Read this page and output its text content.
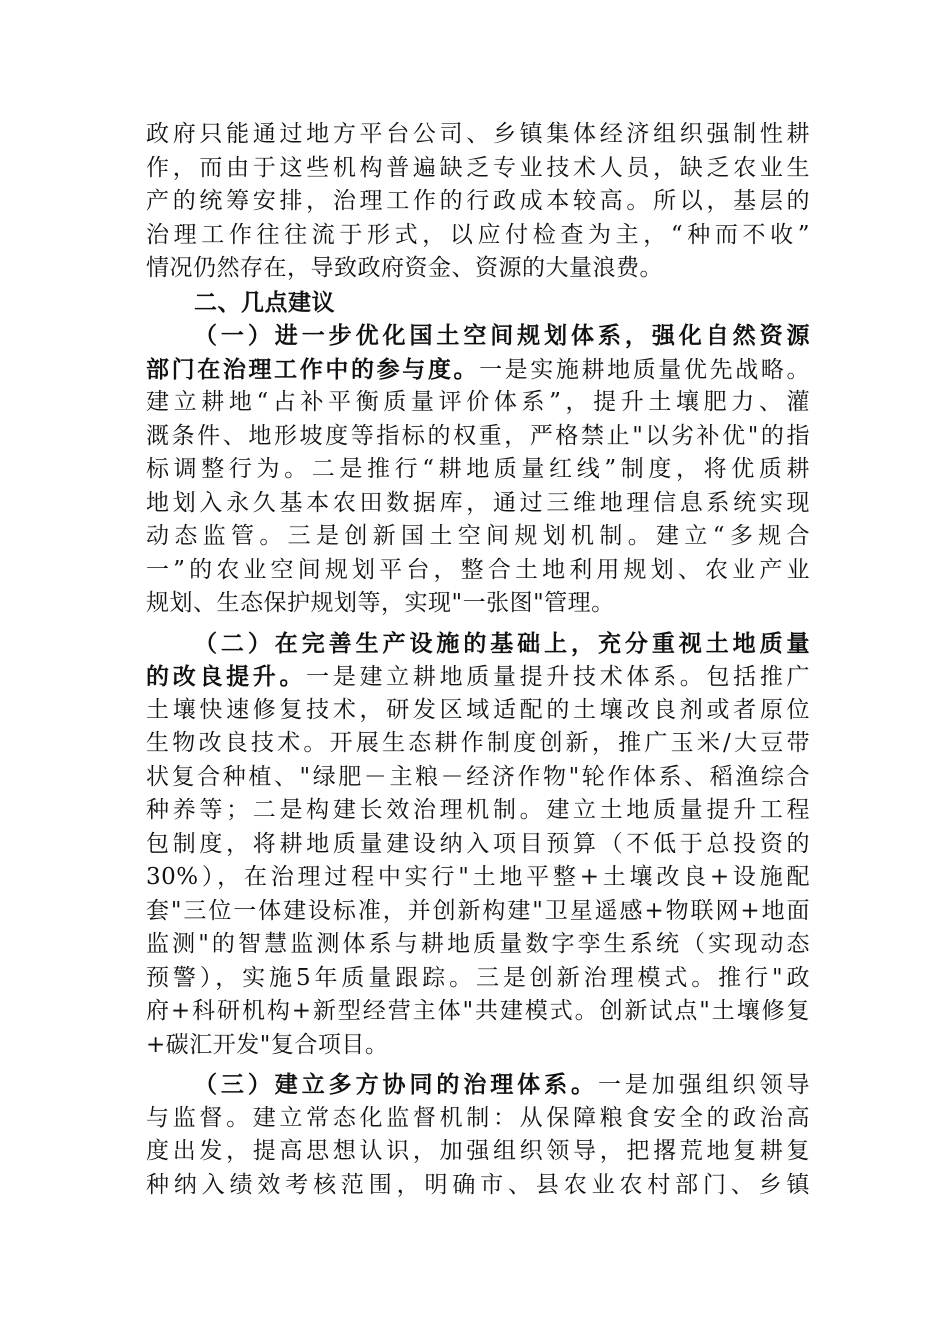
政府只能通过地方平台公司、乡镇集体经济组织强制性耕
作，而由于这些机构普遍缺乏专业技术人员，缺乏农业生
产的统筹安排，治理工作的行政成本较高。所以，基层的
治理工作往往流于形式，以应付检查为主，“种而不收”
情况仍然存在，导致政府资金、资源的大量浪费。
二、几点建议
（一）进一步优化国土空间规划体系，强化自然资源
部门在治理工作中的参与度。一是实施耕地质量优先战略。
建立耕地“占补平衡质量评价体系”，提升土壤肥力、灌
溉条件、地形坡度等指标的权重，严格禁止"以劣补优"的指
标调整行为。二是推行“耕地质量红线”制度，将优质耕
地划入永久基本农田数据库，通过三维地理信息系统实现
动态监管。三是创新国土空间规划机制。建立“多规合
一”的农业空间规划平台，整合土地利用规划、农业产业
规划、生态保护规划等，实现"一张图"管理。
（二）在完善生产设施的基础上，充分重视土地质量
的改良提升。一是建立耕地质量提升技术体系。包括推广
土壤快速修复技术，研发区域适配的土壤改良剂或者原位
生物改良技术。开展生态耕作制度创新，推广玉米/大豆带
状复合种植、"绿肥－主粮－经济作物"轮作体系、稻渔综合
种养等；二是构建长效治理机制。建立土地质量提升工程
包制度，将耕地质量建设纳入项目预算（不低于总投资的
30%），在治理过程中实行"土地平整+土壤改良+设施配
套"三位一体建设标准，并创新构建"卫星遥感+物联网+地面
监测"的智慧监测体系与耕地质量数字孪生系统（实现动态
预警），实施5年质量跟踪。三是创新治理模式。推行"政
府+科研机构+新型经营主体"共建模式。创新试点"土壤修复
+碳汇开发"复合项目。
（三）建立多方协同的治理体系。一是加强组织领导
与监督。建立常态化监督机制：从保障粮食安全的政治高
度出发，提高思想认识，加强组织领导，把撂荒地复耕复
种纳入绩效考核范围，明确市、县农业农村部门、乡镇
